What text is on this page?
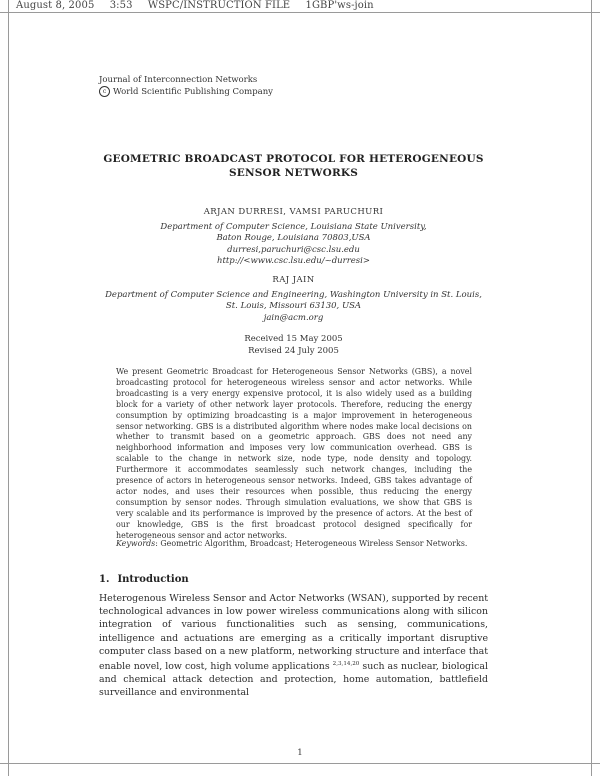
August 8, 2005 3:53 WSPC/INSTRUCTION FILE 1GBP'ws-join
Journal of Interconnection Networks
c World Scientific Publishing Company
GEOMETRIC BROADCAST PROTOCOL FOR HETEROGENEOUS
SENSOR NETWORKS
ARJAN DURRESI, VAMSI PARUCHURI
Department of Computer Science, Louisiana State University,
Baton Rouge, Louisiana 70803,USA
durresi,paruchuri@csc.lsu.edu
http://<www.csc.lsu.edu/~durresi>
RAJ JAIN
Department of Computer Science and Engineering, Washington University in St. Louis,
St. Louis, Missouri 63130, USA
jain@acm.org
Received 15 May 2005
Revised 24 July 2005
We present Geometric Broadcast for Heterogeneous Sensor Networks (GBS), a novel broadcasting protocol for heterogeneous wireless sensor and actor networks. While broadcasting is a very energy expensive protocol, it is also widely used as a building block for a variety of other network layer protocols. Therefore, reducing the energy consumption by optimizing broadcasting is a major improvement in heterogeneous sensor networking. GBS is a distributed algorithm where nodes make local decisions on whether to transmit based on a geometric approach. GBS does not need any neighborhood information and imposes very low communication overhead. GBS is scalable to the change in network size, node type, node density and topology. Furthermore it accommodates seamlessly such network changes, including the presence of actors in heterogeneous sensor networks. Indeed, GBS takes advantage of actor nodes, and uses their resources when possible, thus reducing the energy consumption by sensor nodes. Through simulation evaluations, we show that GBS is very scalable and its performance is improved by the presence of actors. At the best of our knowledge, GBS is the first broadcast protocol designed specifically for heterogeneous sensor and actor networks.
Keywords: Geometric Algorithm, Broadcast; Heterogeneous Wireless Sensor Networks.
1. Introduction
Heterogenous Wireless Sensor and Actor Networks (WSAN), supported by recent technological advances in low power wireless communications along with silicon integration of various functionalities such as sensing, communications, intelligence and actuations are emerging as a critically important disruptive computer class based on a new platform, networking structure and interface that enable novel, low cost, high volume applications $^{2,3,14,20}$ such as nuclear, biological and chemical attack detection and protection, home automation, battlefield surveillance and environmental
1
